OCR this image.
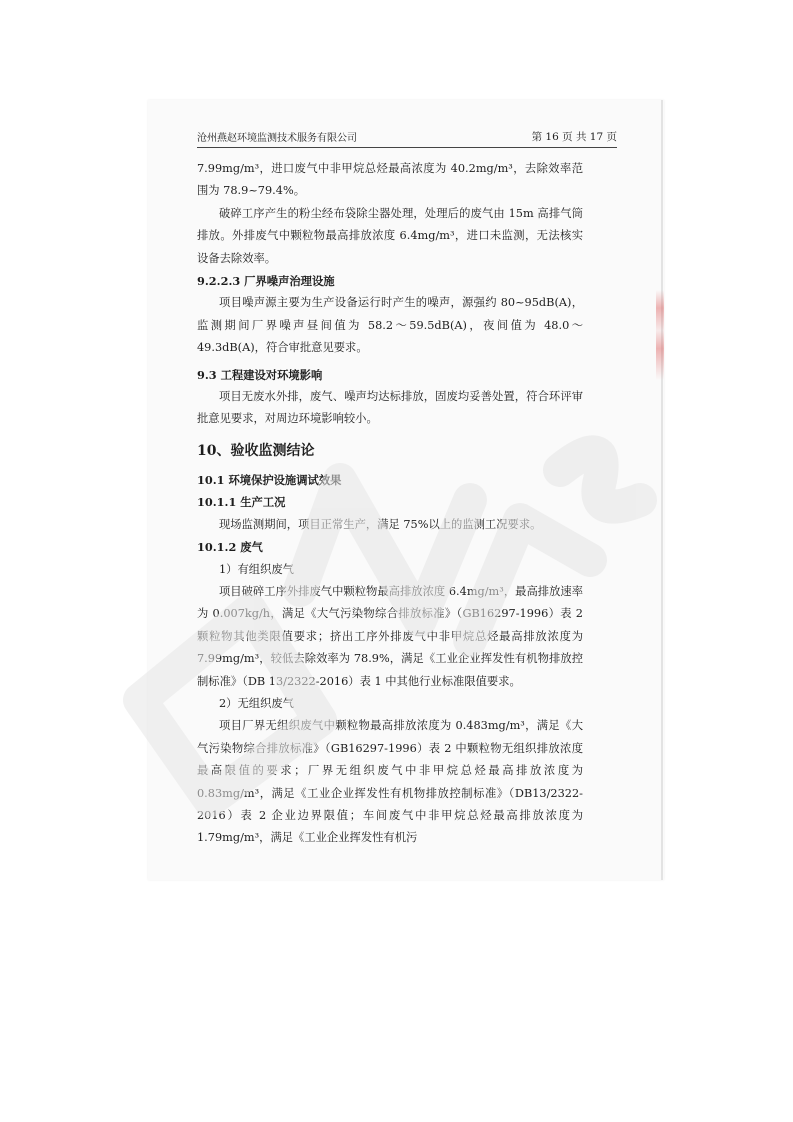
沧州燕赵环境监测技术服务有限公司	第 16 页 共 17 页

7.99mg/m³，进口废气中非甲烷总烃最高浓度为 40.2mg/m³，去除效率范围为 78.9~79.4%。

破碎工序产生的粉尘经布袋除尘器处理，处理后的废气由 15m 高排气筒排放。外排废气中颗粒物最高排放浓度 6.4mg/m³，进口未监测，无法核实设备去除效率。

9.2.2.3 厂界噪声治理设施

项目噪声源主要为生产设备运行时产生的噪声，源强约 80~95dB(A)，监测期间厂界噪声昼间值为 58.2～59.5dB(A)，夜间值为 48.0～49.3dB(A)，符合审批意见要求。

9.3 工程建设对环境影响

项目无废水外排，废气、噪声均达标排放，固废均妥善处置，符合环评审批意见要求，对周边环境影响较小。

10、验收监测结论

10.1 环境保护设施调试效果

10.1.1 生产工况

现场监测期间，项目正常生产，满足 75%以上的监测工况要求。

10.1.2 废气

1）有组织废气

项目破碎工序外排废气中颗粒物最高排放浓度 6.4mg/m³，最高排放速率为 0.007kg/h，满足《大气污染物综合排放标准》（GB16297-1996）表 2 颗粒物其他类限值要求；挤出工序外排废气中非甲烷总烃最高排放浓度为 7.99mg/m³，较低去除效率为 78.9%，满足《工业企业挥发性有机物排放控制标准》（DB 13/2322-2016）表 1 中其他行业标准限值要求。

2）无组织废气

项目厂界无组织废气中颗粒物最高排放浓度为 0.483mg/m³，满足《大气污染物综合排放标准》（GB16297-1996）表 2 中颗粒物无组织排放浓度最高限值的要求；厂界无组织废气中非甲烷总烃最高排放浓度为 0.83mg/m³，满足《工业企业挥发性有机物排放控制标准》（DB13/2322-2016）表 2 企业边界限值；车间废气中非甲烷总烃最高排放浓度为 1.79mg/m³，满足《工业企业挥发性有机污
